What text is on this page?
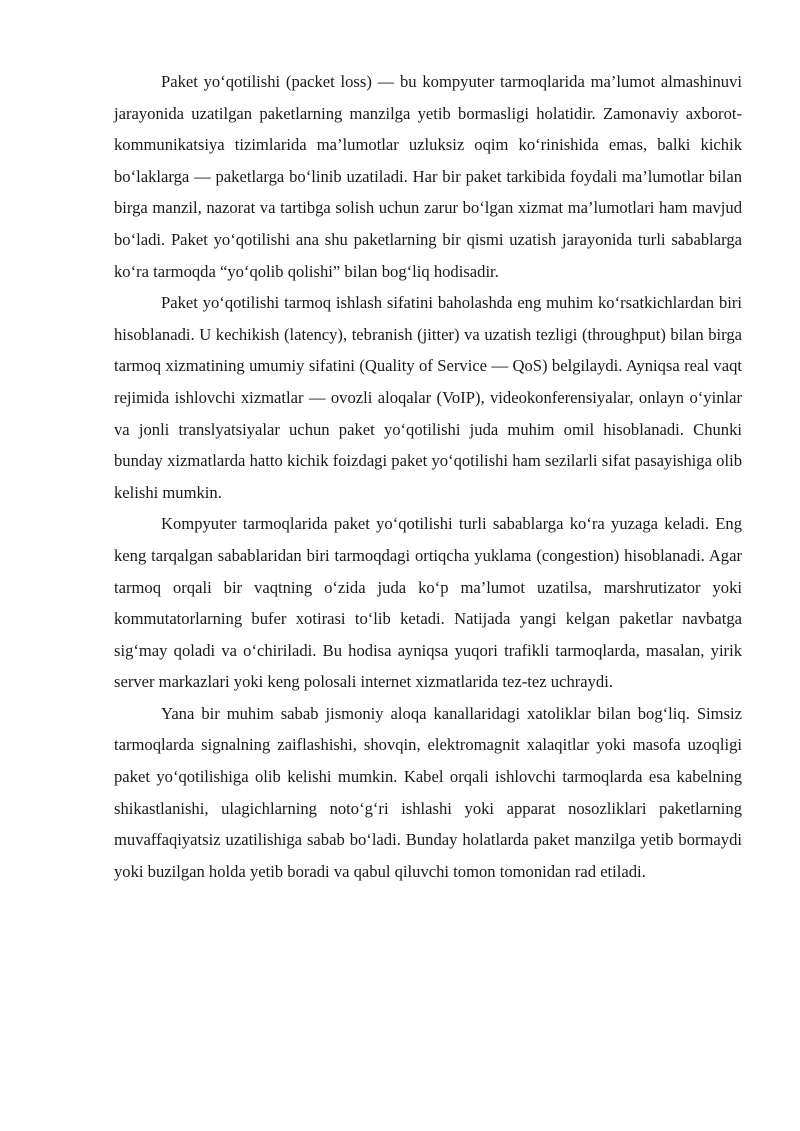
Paket yo‘qotilishi (packet loss) — bu kompyuter tarmoqlarida ma’lumot almashinuvi jarayonida uzatilgan paketlarning manzilga yetib bormasligi holatidir. Zamonaviy axborot-kommunikatsiya tizimlarida ma’lumotlar uzluksiz oqim ko‘rinishida emas, balki kichik bo‘laklarga — paketlarga bo‘linib uzatiladi. Har bir paket tarkibida foydali ma’lumotlar bilan birga manzil, nazorat va tartibga solish uchun zarur bo‘lgan xizmat ma’lumotlari ham mavjud bo‘ladi. Paket yo‘qotilishi ana shu paketlarning bir qismi uzatish jarayonida turli sabablarga ko‘ra tarmoqda “yo‘qolib qolishi” bilan bog‘liq hodisadir.

Paket yo‘qotilishi tarmoq ishlash sifatini baholashda eng muhim ko‘rsatkichlardan biri hisoblanadi. U kechikish (latency), tebranish (jitter) va uzatish tezligi (throughput) bilan birga tarmoq xizmatining umumiy sifatini (Quality of Service — QoS) belgilaydi. Ayniqsa real vaqt rejimida ishlovchi xizmatlar — ovozli aloqalar (VoIP), videokonferensiyalar, onlayn o‘yinlar va jonli translyatsiyalar uchun paket yo‘qotilishi juda muhim omil hisoblanadi. Chunki bunday xizmatlarda hatto kichik foizdagi paket yo‘qotilishi ham sezilarli sifat pasayishiga olib kelishi mumkin.

Kompyuter tarmoqlarida paket yo‘qotilishi turli sabablarga ko‘ra yuzaga keladi. Eng keng tarqalgan sabablaridan biri tarmoqdagi ortiqcha yuklama (congestion) hisoblanadi. Agar tarmoq orqali bir vaqtning o‘zida juda ko‘p ma’lumot uzatilsa, marshrutizator yoki kommutatorlarning bufer xotirasi to‘lib ketadi. Natijada yangi kelgan paketlar navbatga sig‘may qoladi va o‘chiriladi. Bu hodisa ayniqsa yuqori trafikli tarmoqlarda, masalan, yirik server markazlari yoki keng polosali internet xizmatlarida tez-tez uchraydi.

Yana bir muhim sabab jismoniy aloqa kanallaridagi xatoliklar bilan bog‘liq. Simsiz tarmoqlarda signalning zaiflashishi, shovqin, elektromagnit xalaqitlar yoki masofa uzoqligi paket yo‘qotilishiga olib kelishi mumkin. Kabel orqali ishlovchi tarmoqlarda esa kabelning shikastlanishi, ulagichlarning noto‘g‘ri ishlashi yoki apparat nosozliklari paketlarning muvaffaqiyatsiz uzatilishiga sabab bo‘ladi. Bunday holatlarda paket manzilga yetib bormaydi yoki buzilgan holda yetib boradi va qabul qiluvchi tomon tomonidan rad etiladi.
